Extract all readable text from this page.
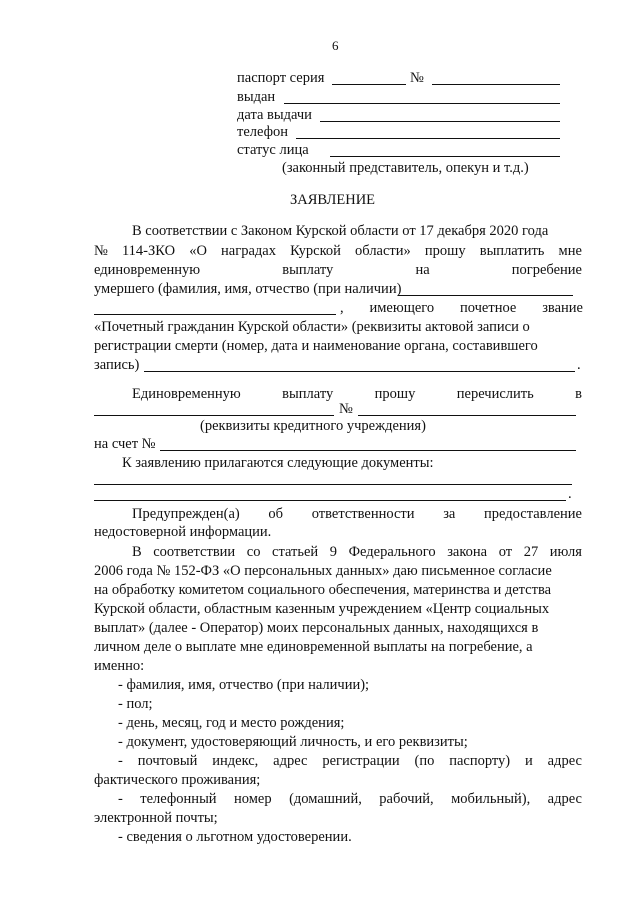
6
паспорт серия	№
выдан
дата выдачи
телефон
статус лица
(законный представитель, опекун и т.д.)
ЗАЯВЛЕНИЕ
В соответствии с Законом Курской области от 17 декабря 2020 года
№ 114-ЗКО «О наградах Курской области» прошу выплатить мне
единовременную	выплату	на	погребение
умершего (фамилия, имя, отчество (при наличии)
, имеющего почетное звание
«Почетный гражданин Курской области» (реквизиты актовой записи о
регистрации смерти (номер, дата и наименование органа, составившего
запись)	.
Единовременную	выплату	прошу	перечислить	в
№
(реквизиты кредитного учреждения)
на счет №
К заявлению прилагаются следующие документы:
.
Предупрежден(а) об ответственности за предоставление
недостоверной информации.
В соответствии со статьей 9 Федерального закона от 27 июля
2006 года № 152-ФЗ «О персональных данных» даю письменное согласие
на обработку комитетом социального обеспечения, материнства и детства
Курской области, областным казенным учреждением «Центр социальных
выплат» (далее - Оператор) моих персональных данных, находящихся в
личном деле о выплате мне единовременной выплаты на погребение, а
именно:
- фамилия, имя, отчество (при наличии);
- пол;
- день, месяц, год и место рождения;
- документ, удостоверяющий личность, и его реквизиты;
- почтовый индекс, адрес регистрации (по паспорту) и адрес
фактического проживания;
- телефонный номер (домашний, рабочий, мобильный), адрес
электронной почты;
- сведения о льготном удостоверении.
